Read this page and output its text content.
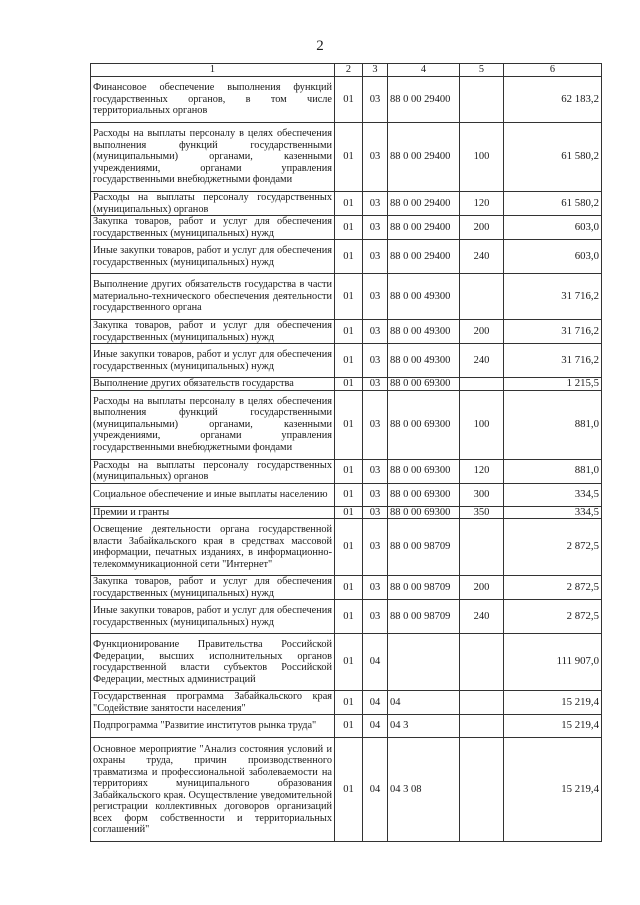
2
1	2	3	4	5	6
Финансовое обеспечение выполнения функций государственных органов, в том числе территориальных органов	01	03	88 0 00 29400		62 183,2
Расходы на выплаты персоналу в целях обеспечения выполнения функций государственными (муниципальными) органами, казенными учреждениями, органами управления государственными внебюджетными фондами	01	03	88 0 00 29400	100	61 580,2
Расходы на выплаты персоналу государственных (муниципальных) органов	01	03	88 0 00 29400	120	61 580,2
Закупка товаров, работ и услуг для обеспечения государственных (муниципальных) нужд	01	03	88 0 00 29400	200	603,0
Иные закупки товаров, работ и услуг для обеспечения государственных (муниципальных) нужд	01	03	88 0 00 29400	240	603,0
Выполнение других обязательств государства в части материально-технического обеспечения деятельности государственного органа	01	03	88 0 00 49300		31 716,2
Закупка товаров, работ и услуг для обеспечения государственных (муниципальных) нужд	01	03	88 0 00 49300	200	31 716,2
Иные закупки товаров, работ и услуг для обеспечения государственных (муниципальных) нужд	01	03	88 0 00 49300	240	31 716,2
Выполнение других обязательств государства	01	03	88 0 00 69300		1 215,5
Расходы на выплаты персоналу в целях обеспечения выполнения функций государственными (муниципальными) органами, казенными учреждениями, органами управления государственными внебюджетными фондами	01	03	88 0 00 69300	100	881,0
Расходы на выплаты персоналу государственных (муниципальных) органов	01	03	88 0 00 69300	120	881,0
Социальное обеспечение и иные выплаты населению	01	03	88 0 00 69300	300	334,5
Премии и гранты	01	03	88 0 00 69300	350	334,5
Освещение деятельности органа государственной власти Забайкальского края в средствах массовой информации, печатных изданиях, в информационно-телекоммуникационной сети "Интернет"	01	03	88 0 00 98709		2 872,5
Закупка товаров, работ и услуг для обеспечения государственных (муниципальных) нужд	01	03	88 0 00 98709	200	2 872,5
Иные закупки товаров, работ и услуг для обеспечения государственных (муниципальных) нужд	01	03	88 0 00 98709	240	2 872,5
Функционирование Правительства Российской Федерации, высших исполнительных органов государственной власти субъектов Российской Федерации, местных администраций	01	04			111 907,0
Государственная программа Забайкальского края "Содействие занятости населения"	01	04	04		15 219,4
Подпрограмма "Развитие институтов рынка труда"	01	04	04 3		15 219,4
Основное мероприятие "Анализ состояния условий и охраны труда, причин производственного травматизма и профессиональной заболеваемости на территориях муниципального образования Забайкальского края. Осуществление уведомительной регистрации коллективных договоров организаций всех форм собственности и территориальных соглашений"	01	04	04 3 08		15 219,4
